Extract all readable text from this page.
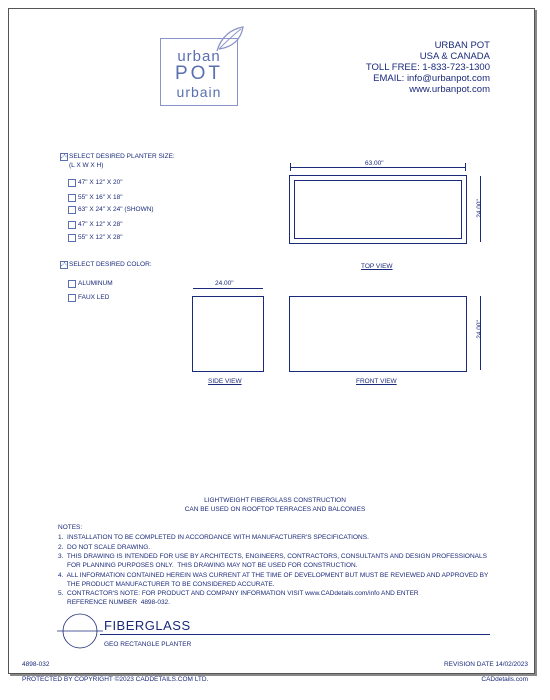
urban
POT
urbain
URBAN POT
USA & CANADA
TOLL FREE: 1-833-723-1300
EMAIL: info@urbanpot.com
www.urbanpot.com
SELECT DESIRED PLANTER SIZE:
(L X W X H)
47" X 12" X 20"
55" X 16" X 18"
63" X 24" X 24" (SHOWN)
47" X 12" X 28"
55" X 12" X 28"
SELECT DESIRED COLOR:
ALUMINUM
FAUX LED
63.00"
24.00"
TOP VIEW
24.00"
SIDE VIEW
24.00"
FRONT VIEW
LIGHTWEIGHT FIBERGLASS CONSTRUCTION
CAN BE USED ON ROOFTOP TERRACES AND BALCONIES
NOTES:
1.  INSTALLATION TO BE COMPLETED IN ACCORDANCE WITH MANUFACTURER'S SPECIFICATIONS.
2.  DO NOT SCALE DRAWING.
3.  THIS DRAWING IS INTENDED FOR USE BY ARCHITECTS, ENGINEERS, CONTRACTORS, CONSULTANTS AND DESIGN PROFESSIONALS
FOR PLANNING PURPOSES ONLY.  THIS DRAWING MAY NOT BE USED FOR CONSTRUCTION.
4.  ALL INFORMATION CONTAINED HEREIN WAS CURRENT AT THE TIME OF DEVELOPMENT BUT MUST BE REVIEWED AND APPROVED BY
THE PRODUCT MANUFACTURER TO BE CONSIDERED ACCURATE.
5.  CONTRACTOR'S NOTE: FOR PRODUCT AND COMPANY INFORMATION VISIT www.CADdetails.com/info AND ENTER
REFERENCE NUMBER  4898-032.
FIBERGLASS
GEO RECTANGLE PLANTER
4898-032	REVISION DATE 14/02/2023
PROTECTED BY COPYRIGHT ©2023 CADDETAILS.COM LTD.	CADdetails.com
